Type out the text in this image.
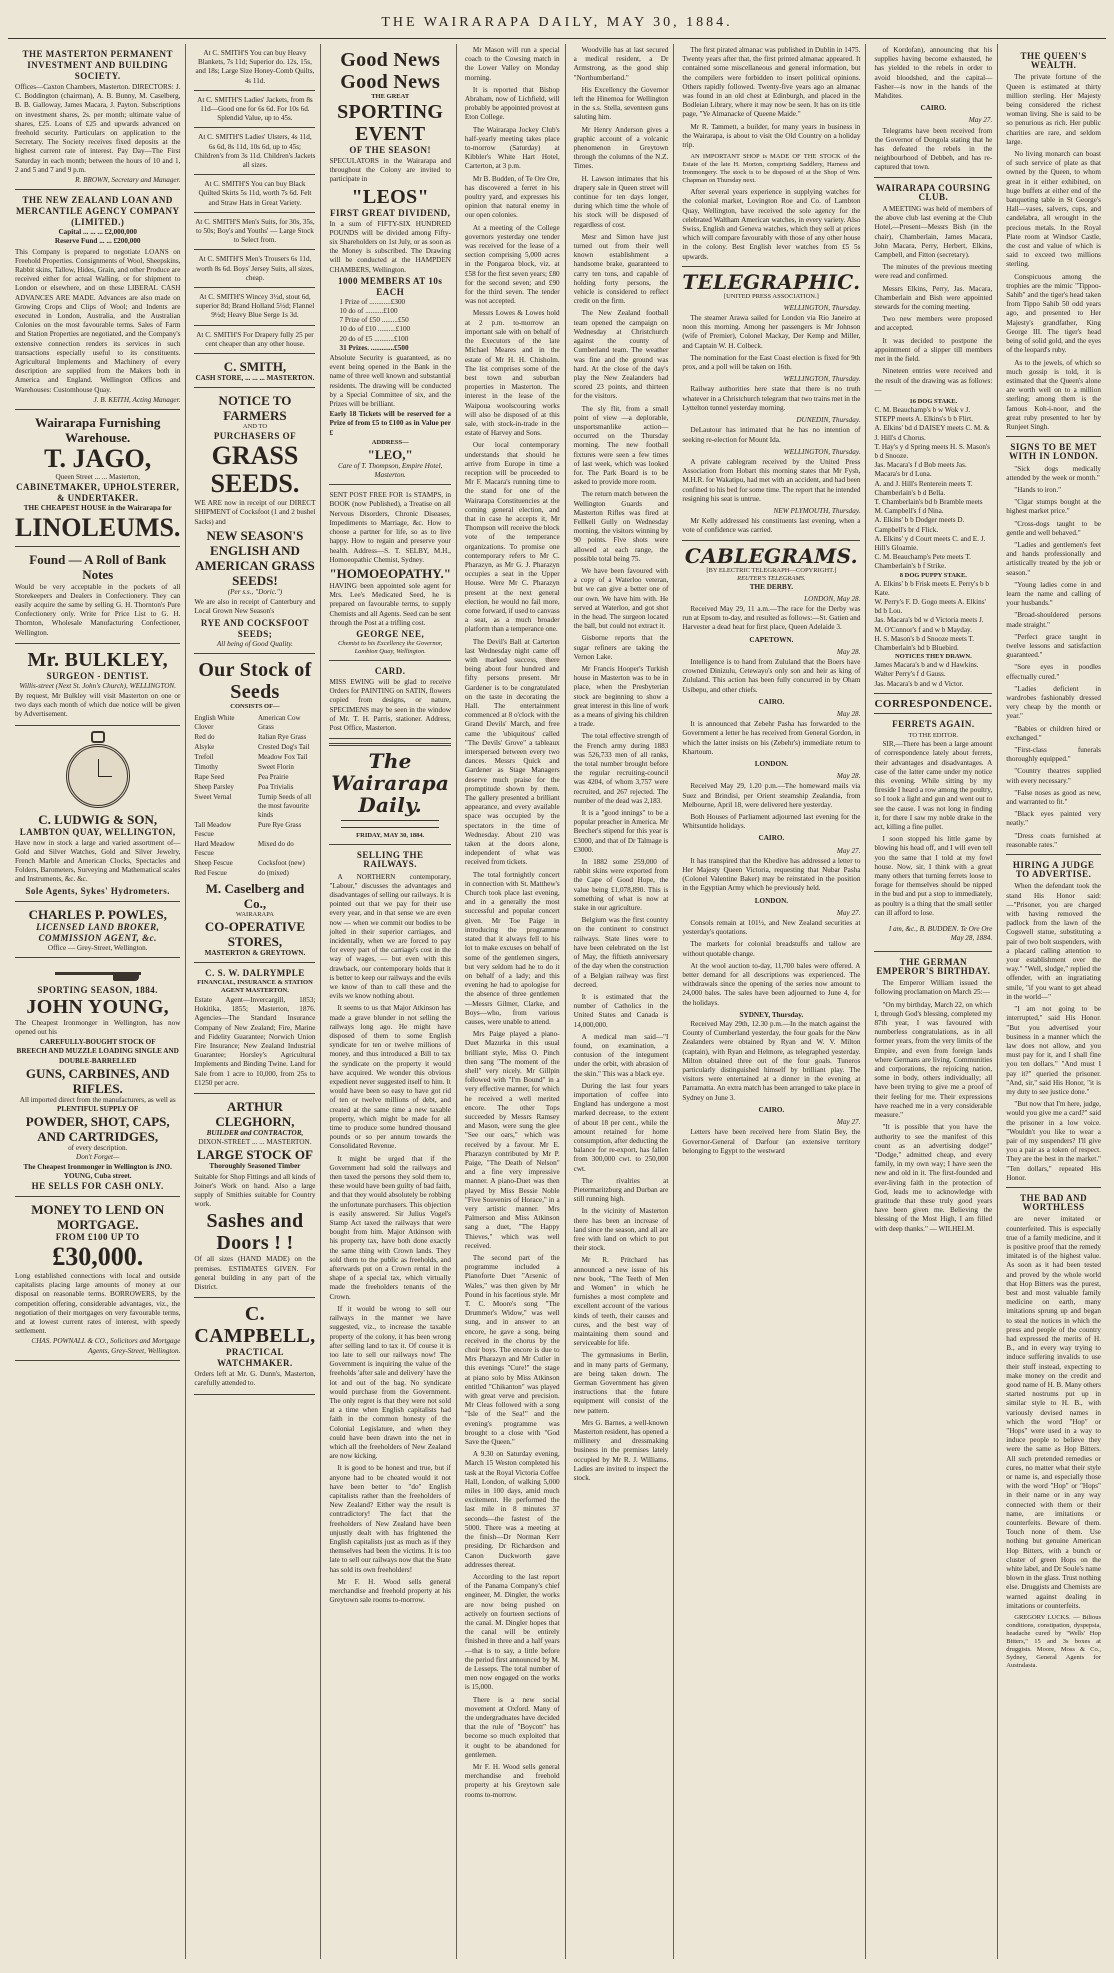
THE WAIRARAPA DAILY, MAY 30, 1884.
THE MASTERTON PERMANENT INVESTMENT AND BUILDING SOCIETY.

Offices—Caxton Chambers, Masterton. DIRECTORS: J. C. Boddington (chairman), A. B. Bunny, M. Caselberg, B. B. Galloway, James Macara, J. Payton. Subscriptions on investment shares, 2s. per month; ultimate value of shares, £25. Loans of £25 and upwards advanced on freehold security. Particulars on application to the Secretary. The Society receives fixed deposits at the highest current rate of interest. Pay Day—The First Saturday in each month; between the hours of 10 and 1, 2 and 5 and 7 and 9 p.m.

R. BROWN, Secretary and Manager.
THE NEW ZEALAND LOAN AND MERCANTILE AGENCY COMPANY (LIMITED.)
Capital ... ... ... £2,000,000
Reserve Fund ... ... £200,000

This Company is prepared to negotiate LOANS on Freehold Properties. Consignments of Wool, Sheepskins, Rabbit skins, Tallow, Hides, Grain, and other Produce are received either for actual Walling, or for shipment to London or elsewhere, and on these LIBERAL CASH ADVANCES ARE MADE. Advances are also made on Growing Crops and Clips of Wool; and Indents are executed in London, Australia, and the Australian Colonies on the most favourable terms. Sales of Farm and Station Properties are negotiated, and the Company's extensive connection renders its services in such transactions especially useful to its constituents. Agricultural Implements and Machinery of every description are supplied from the Makers both in America and England. Wellington Offices and Warehouses: Customhouse Quay.

J. B. KEITH, Acting Manager.
Wairarapa Furnishing Warehouse.
T. JAGO,
Queen Street ... ... Masterton,
CABINETMAKER, UPHOLSTERER, & UNDERTAKER.
THE CHEAPEST HOUSE in the Wairarapa for
LINOLEUMS.
Found — A Roll of Bank Notes

Would be very acceptable in the pockets of all Storekeepers and Dealers in Confectionery. They can easily acquire the same by selling G. H. Thornton's Pure Confectionery only. Write for Price List to G. H. Thornton, Wholesale Manufacturing Confectioner, Wellington.

Mr. BULKLEY,
SURGEON - DENTIST.
Willis-street (Next St. John's Church), WELLINGTON.

By request, Mr Bulkley will visit Masterton on one or two days each month of which due notice will be given by Advertisement.

C. LUDWIG & SON,
LAMBTON QUAY, WELLINGTON,

Have now in stock a large and varied assortment of— Gold and Silver Watches, Gold and Silver Jewelry, French Marble and American Clocks, Spectacles and Folders, Barometers, Surveying and Mathematical scales and Instruments, &c. &c.

Sole Agents, Sykes' Hydrometers.
CHARLES P. POWLES,
LICENSED LAND BROKER, COMMISSION AGENT, &c.
Office — Grey-Street, Wellington.
SPORTING SEASON, 1884.
JOHN YOUNG,

The Cheapest Ironmonger in Wellington, has now opened out his

CAREFULLY-BOUGHT STOCK OF
BREECH AND MUZZLE LOADING SINGLE AND DOUBLE-BARRELLED
GUNS, CARBINES, AND RIFLES.
All imported direct from the manufacturers, as well as
PLENTIFUL SUPPLY OF
POWDER, SHOT, CAPS, AND CARTRIDGES,
of every description.
Don't Forget—
The Cheapest Ironmonger in Wellington is JNO. YOUNG, Cuba street.
HE SELLS FOR CASH ONLY.
MONEY TO LEND ON MORTGAGE.
FROM £100 UP TO
£30,000.

Long established connections with local and outside capitalists placing large amounts of money at our disposal on reasonable terms. BORROWERS, by the competition offering, considerable advantages, viz., the negotiation of their mortgages on very favourable terms, and at lowest current rates of interest, with speedy settlement.

CHAS. POWNALL & CO., Solicitors and Mortgage Agents, Grey-Street, Wellington.
At C. SMITH'S You can buy Heavy Blankets, 7s 11d; Superior do. 12s, 15s, and 18s; Large Size Honey-Comb Quilts, 4s 11d.
At C. SMITH'S Ladies' Jackets, from 8s 11d—Good one for 6s 6d. For 10s 6d. Splendid Value, up to 45s.
At C. SMITH'S Ladies' Ulsters, 4s 11d, 6s 6d, 8s 11d, 10s 6d, up to 45s; Children's from 3s 11d. Children's Jackets all sizes.
At C. SMITH'S You can buy Black Quilted Skirts 5s 11d, worth 7s 6d. Felt and Straw Hats in Great Variety.
At C. SMITH'S Men's Suits, for 30s, 35s, to 50s; Boy's and Youths' — Large Stock to Select from.
At C. SMITH'S Men's Trousers 6s 11d, worth 8s 6d. Boys' Jersey Suits, all sizes, cheap.
At C. SMITH'S Wincey 3½d, stout 6d, superior 8d; Brand Holland 5½d; Flannel 9½d; Heavy Blue Serge 1s 3d.
At C. SMITH'S For Drapery fully 25 per cent cheaper than any other house.
C. SMITH,
CASH STORE, ... ... ... MASTERTON.
NOTICE TO FARMERS
AND TO
PURCHASERS OF
GRASS SEEDS.

WE ARE now in receipt of our DIRECT SHIPMENT of Cocksfoot (1 and 2 bushel Sacks) and

NEW SEASON'S ENGLISH AND AMERICAN GRASS SEEDS!
(Per s.s., "Doric.")

We are also in receipt of Canterbury and Local Grown New Season's

RYE AND COCKSFOOT SEEDS;
All being of Good Quality.
Our Stock of Seeds
CONSISTS OF—
English White Clover
American Cow Grass
Red do	Italian Rye Grass
Alsyke	Crested Dog's Tail
Trefoil	Meadow Fox Tail
Timothy	Sweet Florin
Rape Seed	Pea Prairie
Sheep Parsley	Poa Trivialis
Sweet Vernal	Turnip Seeds of all the most favourite kinds
Tall Meadow Fescue
Pure Rye Grass
Hard Meadow Fescue
Mixed do do
Sheep Fescue	Cocksfoot (new)
Red Fescue	do (mixed)
M. Caselberg and Co.,
WAIRARAPA
CO-OPERATIVE STORES,
MASTERTON & GREYTOWN.
C. S. W. DALRYMPLE
FINANCIAL, INSURANCE & STATION AGENT MASTERTON.

Estate Agent—Invercargill, 1853; Hokitika, 1855; Masterton, 1876. Agencies—The Standard Insurance Company of New Zealand; Fire, Marine and Fidelity Guarantee; Norwich Union Fire Insurance; New Zealand Industrial Guarantee; Horsley's Agricultural Implements and Binding Twine. Land for Sale from 1 acre to 10,000, from 25s to £1250 per acre.

ARTHUR CLEGHORN,
BUILDER and CONTRACTOR,
DIXON-STREET ... ... MASTERTON.
LARGE STOCK OF
Thoroughly Seasoned Timber

Suitable for Shop Fittings and all kinds of Joiner's Work on hand. Also a large supply of Smithies suitable for Country work.

Sashes and Doors ! !

Of all sizes (HAND MADE) on the premises. ESTIMATES GIVEN. For general building in any part of the District.

C. CAMPBELL,
PRACTICAL WATCHMAKER.

Orders left at Mr. G. Dunn's, Masterton, carefully attended to.

Good News Good News
THE GREAT
SPORTING EVENT
OF THE SEASON!

SPECULATORS in the Wairarapa and throughout the Colony are invited to participate in

"LEOS"
FIRST GREAT DIVIDEND,

In a sum of FIFTY-SIX HUNDRED POUNDS will be divided among Fifty-six Shareholders on 1st July, or as soon as the Money is subscribed. The Drawing will be conducted at the HAMPDEN CHAMBERS, Wellington.

1000 MEMBERS AT 10s EACH
1 Prize of ............£300
10 do of ..........£100
7 Prize of £50 .........£50
10 do of £10 ..........£100
20 do of £5 ...........£100
31 Prizes. .............£500

Absolute Security is guaranteed, as no event being opened in the Bank in the name of three well known and substantial residents. The drawing will be conducted by a Special Committee of six, and the Prizes will be brilliant.

Early 18 Tickets will be reserved for a Prize of from £5 to £100 as in Value per £

ADDRESS—
"LEO,"
Care of T. Thompson, Empire Hotel, Masterton.

SENT POST FREE FOR 1s STAMPS, in BOOK (now Published), a Treatise on all Nervous Disorders, Chronic Diseases, Impediments to Marriage, &c. How to choose a partner for life, so as to live happy. How to regain and preserve your health. Address—S. T. SELBY, M.H., Homoeopathic Chemist, Sydney.

"HOMOEOPATHY."

HAVING been appointed sole agent for Mrs. Lee's Medicated Seed, he is prepared on favourable terms, to supply Chemists and all Agents. Seed can be sent through the Post at a trifling cost.

GEORGE NEE,
Chemist to his Excellency the Governor, Lambton Quay, Wellington.
CARD.

MISS EWING will be glad to receive Orders for PAINTING on SATIN, flowers copied from designs, or nature, SPECIMENS may be seen in the window of Mr. T. H. Parris, stationer. Address, Post Office, Masterton.

The Wairarapa Daily.
FRIDAY, MAY 30, 1884.
SELLING THE RAILWAYS.

A NORTHERN contemporary, "Labour," discusses the advantages and disadvantages of selling our railways. It is pointed out that we pay for their use every year, and in that sense we are even now — when we commit our bodies to be jolted in their superior carriages, and incidentally, when we are forced to pay for every part of the carriage's cost in the way of wages, — but even with this drawback, our contemporary holds that it is better to keep our railways and the evils we know of than to call these and the evils we know nothing about.

It seems to us that Major Atkinson has made a grave blunder in not selling the railways long ago. He might have disposed of them to some English syndicate for ten or twelve millions of money, and thus introduced a Bill to tax the syndicate on the property it would have acquired. We wonder this obvious expedient never suggested itself to him. It would have been so easy to have got rid of ten or twelve millions of debt, and created at the same time a new taxable property, which might be made for all time to produce some hundred thousand pounds or so per annum towards the Consolidated Revenue.

It might be urged that if the Government had sold the railways and then taxed the persons they sold them to, these would have been guilty of bad faith, and that they would absolutely be robbing the unfortunate purchasers. This objection is easily answered. Sir Julius Vogel's Stamp Act taxed the railways that were bought from him. Major Atkinson with his property tax, have both done exactly the same thing with Crown lands. They sold them to the public as freeholds, and afterwards put on a Crown rental in the shape of a special tax, which virtually made the freeholders tenants of the Crown.

If it would be wrong to sell our railways in the manner we have suggested, viz., to increase the taxable property of the colony, it has been wrong after selling land to tax it. Of course it is too late to sell our railways now! The Government is inquiring the value of the freeholds 'after sale and delivery' have the lot and out of the bag. No syndicate would purchase from the Government. The only regret is that they were not sold at a time when English capitalists had faith in the common honesty of the Colonial Legislature, and when they could have been drawn into the net in which all the freeholders of New Zealand are now kicking.

It is good to be honest and true, but if anyone had to be cheated would it not have been better to "do" English capitalists rather than the freeholders of New Zealand? Either way the result is contradictory! The fact that the freeholders of New Zealand have been unjustly dealt with has frightened the English capitalists just as much as if they themselves had been the victims. It is too late to sell our railways now that the State has sold its own freeholders!

Mr F. H. Wood sells general merchandise and freehold property at his Greytown sale rooms to-morrow.

Mr Mason will run a special coach to the Cowsing match in the Lower Valley on Monday morning.

It is reported that Bishop Abraham, now of Lichfield, will probably be appointed provost at Eton College.

The Wairarapa Jockey Club's half-yearly meeting takes place to-morrow (Saturday) at Kibbler's White Hart Hotel, Carterton, at 3 p.m.

Mr B. Budden, of Te Ore Ore, has discovered a ferret in his poultry yard, and expresses his opinion that natural enemy in our open colonies.

At a meeting of the College governors yesterday one tender was received for the lease of a section comprising 5,000 acres in the Pongaroa block, viz. at £58 for the first seven years; £80 for the second seven; and £90 for the third seven. The tender was not accepted.

Messrs Lowes & Lowes hold at 2 p.m. to-morrow an important sale with on behalf of the Executors of the late Michael Meares and in the estate of Mr H. H. Chisholm. The list comprises some of the best town and suburban properties in Masterton. The interest in the lease of the Waipoua woolscouring works will also be disposed of at this sale, with stock-in-trade in the estate of Harvey and Sons.

Our local contemporary understands that should he arrive from Europe in time a reception will be proceeded to Mr F. Macara's running time to the stand for one of the Wairarapa Constituencies at the coming general election, and that in case he accepts it, Mr Thompson will receive the block vote of the temperance organizations. To promise one contemporary refers to Mr C. Pharazyn, as Mr G. J. Pharazyn occupies a seat in the Upper House. Were Mr C. Pharazyn present at the next general election, he would no fail more, come forward, if used to canvass a seat, as a much broader platform than a temperance one.

The Devil's Ball at Carterton last Wednesday night came off with marked success, there being about four hundred and fifty persons present. Mr Gardener is to be congratulated on the taste in decorating the Hall. The entertainment commenced at 8 o'clock with the Grand Devils' March, and free came the 'ubiquitous' called "The Devils' Grove" a tableaux interspersed between every two dances. Messrs Quick and Gardener as Stage Managers deserve much praise for the promptitude shown by them. The gallery presented a brilliant appearance, and every available space was occupied by the spectators in the time of Wednesday. About 210 was taken at the doors alone, independent of what was received from tickets.

The total fortnightly concert in connection with St. Matthew's Church took place last evening, and in a generally the most successful and popular concert given. Mr Toe Paige in introducing the programme stated that it always fell to his lot to make excuses on behalf of some of the gentlemen singers, but very seldom had he to do it on behalf of a lady; and this evening he had to apologise for the absence of three gentlemen—Messrs Gilmer, Clarke, and Boys—who, from various causes, were unable to attend.

Mrs Paige played a piano-Duet Mazurka in this usual brilliant style, Miss O. Pinch then sang "The moment of the shell" very nicely. Mr Gillpin followed with "I'm Bound" in a very effective manner, for which he received a well merited encore. The other Tops succeeded by Messrs Ramsey and Mason, were sung the glee "See our oars," which was received by a favour. Mr E. Pharazyn contributed by Mr P. Paige, "The Death of Nelson" and a fine very impressive manner. A piano-Duet was then played by Miss Bessie Noble "Five Souvenirs of Horace," in a very artistic manner. Mrs Palmerson and Miss Atkinson sang a duet, "The Happy Thieves," which was well received.

The second part of the programme included a Pianoforte Duet "Arsenic of Wales," was then given by Mr Pound in his facetious style. Mr T. C. Moore's song "The Drummer's Widow," was well sung, and in answer to an encore, he gave a song, being received in the chorus by the choir boys. The encore is due to Mrs Pharazyn and Mr Cutler in this evenings "Cure!" the stage at piano solo by Miss Atkinson entitled "Chikanton" was played with great verve and precision. Mr Cleas followed with a song "Isle of the Sea!" and the evening's programme was brought to a close with "God Save the Queen."

A 9.30 on Saturday evening, March 15 Weston completed his task at the Royal Victoria Coffee Hall, London, of walking 5,000 miles in 100 days, amid much excitement. He performed the last mile in 8 minutes 37 seconds—the fastest of the 5000. There was a meeting at the finish—Dr Norman Kerr presiding. Dr Richardson and Canon Duckworth gave addresses thereat.

According to the last report of the Panama Company's chief engineer, M. Dingler, the works are now being pushed on actively on fourteen sections of the canal. M. Dingler hopes that the canal will be entirely finished in three and a half years—that is to say, a little before the period first announced by M. de Lesseps. The total number of men now engaged on the works is 15,000.

There is a new social movement at Oxford. Many of the undergraduates have decided that the rule of "Boycott" has become so much exploited that it ought to be abandoned for gentlemen.

Mr F. H. Wood sells general merchandise and freehold property at his Greytown sale rooms to-morrow.

Woodville has at last secured a medical resident, a Dr Armstrong, as the good ship "Northumberland."

His Excellency the Governor left the Hinemoa for Wellington in the s.s. Stella, seventeen guns saluting him.

Mr Henry Anderson gives a graphic account of a volcanic phenomenon in Greytown through the columns of the N.Z. Times.

H. Lawson intimates that his drapery sale in Queen street will continue for ten days longer, during which time the whole of his stock will be disposed of regardless of cost.

Mesr and Simon have just turned out from their well known establishment a handsome brake, guaranteed to carry ten tons, and capable of holding forty persons, the vehicle is considered to reflect credit on the firm.

The New Zealand football team opened the campaign on Wednesday at Christchurch against the county of Cumberland team. The weather was fine and the ground was hard. At the close of the day's play the New Zealanders had scored 23 points, and thirteen for the visitors.

The sly flit, from a small point of view —a deplorable, unsportsmanlike action—occurred on the Thursday morning. The new football fixtures were seen a few times of last week, which was looked for. The Park Board is to be asked to provide more room.

The return match between the Wellington Guards and Masterton Rifles was fired at Fellkell Gully on Wednesday morning, the visitors winning by 90 points. Five shots were allowed at each range, the possible total being 75.

We have been favoured with a copy of a Waterloo veteran, but we can give a better one of our own. We have him with. He served at Waterloo, and got shot in the head. The surgeon located the ball, but could not extract it.

Gisborne reports that the sugar refiners are taking the Vernon Lake.

Mr Francis Hooper's Turkish house in Masterton was to be in place, when the Presbyterian stock are beginning to show a great interest in this line of work as a means of giving his children a trade.

The total effective strength of the French army during 1883 was 526,733 men of all ranks, the total number brought before the regular recruiting-council was 4204, of whom 3,757 were recruited, and 267 rejected. The number of the dead was 2,183.

It is a "good innings" to be a popular preacher in America. Mr Beecher's stipend for this year is £3000, and that of Dr Talmage is £3000.

In 1882 some 259,000 of rabbit skins were exported from the Cape of Good Hope, the value being £1,078,890. This is something of what is now at stake in our agriculture.

Belgium was the first country on the continent to construct railways. State lines were to have been celebrated on the 1st of May, the fiftieth anniversary of the day when the construction of a Belgian railway was first decreed.

It is estimated that the number of Catholics in the United States and Canada is 14,000,000.

A medical man said—"I found, on examination, a contusion of the integument under the orbit, with abrasion of the skin." This was a black eye.

During the last four years importation of coffee into England has undergone a most marked decrease, to the extent of about 18 per cent., while the amount retained for home consumption, after deducting the balance for re-export, has fallen from 300,000 cwt. to 250,000 cwt.

The rivalries at Pietermaritzburg and Durban are still running high.

In the vicinity of Masterton there has been an increase of land since the season, and all are free with land on which to put their stock.

Mr R. Pritchard has announced a new issue of his new book, "The Teeth of Men and Women" in which he furnishes a most complete and excellent account of the various kinds of teeth, their causes and cures, and the best way of maintaining them sound and serviceable for life.

The gymnasiums in Berlin, and in many parts of Germany, are being taken down. The German Government has given instructions that the future equipment will consist of the new pattern.

Mrs G. Barnes, a well-known Masterton resident, has opened a millinery and dressmaking business in the premises lately occupied by Mr R. J. Williams. Ladies are invited to inspect the stock.

The first pirated almanac was published in Dublin in 1475. Twenty years after that, the first printed almanac appeared. It contained some miscellaneous and general information, but the compilers were forbidden to insert political opinions. Others rapidly followed. Twenty-five years ago an almanac was found in an old chest at Edinburgh, and placed in the Bodleian Library, where it may now be seen. It has on its title page, "Ye Almanacke of Queene Maide."

Mr R. Tammett, a builder, for many years in business in the Wairarapa, is about to visit the Old Country on a holiday trip.

AN IMPORTANT SHOP is MADE OF THE STOCK of the Estate of the late H. Morton, comprising Saddlery, Harness and Ironmongery. The stock is to be disposed of at the Shop of Wm. Chapman on Thursday next.

After several years experience in supplying watches for the colonial market, Lovington Roe and Co. of Lambton Quay, Wellington, have received the sole agency for the celebrated Waltham American watches, in every variety. Also Swiss, English and Geneva watches, which they sell at prices which will compare favourably with those of any other house in the colony. Best English lever watches from £5 5s upwards.

TELEGRAPHIC.
[UNITED PRESS ASSOCIATION.]
WELLINGTON, Thursday.

The steamer Arawa sailed for London via Rio Janeiro at noon this morning. Among her passengers is Mr Johnson (wife of Premier), Colonel Mackay, Der Kemp and Miller, and Captain W. H. Colbeck.

The nomination for the East Coast election is fixed for 9th prox, and a poll will be taken on 16th.

WELLINGTON, Thursday.

Railway authorities here state that there is no truth whatever in a Christchurch telegram that two trains met in the Lyttelton tunnel yesterday morning.

DUNEDIN, Thursday.

DeLautour has intimated that he has no intention of seeking re-election for Mount Ida.

WELLINGTON, Thursday.

A private cablegram received by the United Press Association from Hobart this morning states that Mr Fysh, M.H.R. for Wakatipu, had met with an accident, and had been confined to his bed for some time. The report that he intended resigning his seat is untrue.

NEW PLYMOUTH, Thursday.

Mr Kelly addressed his constituents last evening, when a vote of confidence was carried.

CABLEGRAMS.
[BY ELECTRIC TELEGRAPH—COPYRIGHT.]
REUTER'S TELEGRAMS.
THE DERBY.
LONDON, May 28.

Received May 29, 11 a.m.—The race for the Derby was run at Epsom to-day, and resulted as follows:—St. Gatien and Harvester a dead heat for first place, Queen Adelaide 3.

CAPETOWN.
May 28.

Intelligence is to hand from Zululand that the Boers have crowned Dinizulu, Cetewayo's only son and heir as king of Zululand. This action has been fully concurred in by Oham Usibepu, and other chiefs.

CAIRO.
May 28.

It is announced that Zebehr Pasha has forwarded to the Government a letter he has received from General Gordon, in which the latter insists on his (Zebehr's) immediate return to Khartoum.

LONDON.
May 28.

Received May 29, 1.20 p.m.—The homeward mails via Suez and Brindisi, per Orient steamship Zealandia, from Melbourne, April 18, were delivered here yesterday.

Both Houses of Parliament adjourned last evening for the Whitsuntide holidays.

CAIRO.
May 27.

It has transpired that the Khedive has addressed a letter to Her Majesty Queen Victoria, requesting that Nubar Pasha (Colonel Valentine Baker) may be reinstated in the position in the Egyptian Army which he previously held.

LONDON.
May 27.

Consols remain at 101½, and New Zealand securities at yesterday's quotations.

The markets for colonial breadstuffs and tallow are without quotable change.

At the wool auction to-day, 11,700 bales were offered. A better demand for all descriptions was experienced. The withdrawals since the opening of the series now amount to 24,000 bales. The sales have been adjourned to June 4, for the holidays.

SYDNEY, Thursday.

Received May 29th, 12.30 p.m.—In the match against the County of Cumberland yesterday, the four goals for the New Zealanders were obtained by Ryan and W. V. Milton (captain), with Ryan and Helmore, as telegraphed yesterday. Milton obtained three out of the four goals. Tuneros particularly distinguished himself by brilliant play. The visitors were entertained at a dinner in the evening at Parramatta. An extra match has been arranged to take place in Sydney on June 3.

CAIRO.
May 27.

Letters have been received here from Slatin Bey, the Governor-General of Darfour (an extensive territory belonging to Egypt to the westward

of Kordofan), announcing that his supplies having become exhausted, he has yielded to the rebels in order to avoid bloodshed, and the capital—Fasher—is now in the hands of the Mahdites.

CAIRO.
May 27.

Telegrams have been received from the Governor of Dongola stating that he has defeated the rebels in the neighbourhood of Debbeh, and has re-captured that town.

WAIRARAPA COURSING CLUB.

A MEETING was held of members of the above club last evening at the Club Hotel,—Present—Messrs Bish (in the chair), Chamberlain, James Macara, John Macara, Perry, Herbert, Elkins, Campbell, and Fitton (secretary).

The minutes of the previous meeting were read and confirmed.

Messrs Elkins, Perry, Jas. Macara, Chamberlain and Bish were appointed stewards for the coming meeting.

Two new members were proposed and accepted.

It was decided to postpone the appointment of a slipper till members met in the field.

Nineteen entries were received and the result of the drawing was as follows:—

16 DOG STAKE.
C. M. Beauchamp's b w Wok v J. STEPP meets A. Elkins's b b Flirt.
A. Elkins' bd d DAISEY meets C. M. & J. Hill's d Chorus.
T. Hay's y d Spring meets H. S. Mason's b d Snooze.
Jas. Macara's f d Bob meets Jas. Macara's br d Luna.
A. and J. Hill's Renterein meets T. Chamberlain's b d Bella.
T. Chamberlain's bd b Bramble meets M. Campbell's f d Nina.
A. Elkins' b b Dodger meets D. Campbell's br d Flick.
A. Elkins' y d Court meets C. and E. J. Hill's Gloamie.
C. M. Beauchamp's Pete meets T. Chamberlain's b f Strike.
8 DOG PUPPY STAKE.
A. Elkins' b b Frisk meets E. Perry's b b Kate.
W. Perry's F. D. Gogo meets A. Elkins' bd b Lou.
Jas. Macara's bd w d Victoria meets J. M. O'Connor's f and w b Mayday.
H. S. Mason's b d Snooze meets T. Chamberlain's bd b Bluebird.
NOTICES THEY DRAWN.
James Macara's b and w d Hawkins. Walter Perry's f d Gauss.
Jas. Macara's b and w d Victor.
CORRESPONDENCE.
FERRETS AGAIN.
TO THE EDITOR.

SIR,—There has been a large amount of correspondence lately about ferrets, their advantages and disadvantages. A case of the latter came under my notice this evening. While sitting by my fireside I heard a row among the poultry, so I took a light and gun and went out to see the cause. I was not long in finding it, for there I saw my noble drake in the act, killing a fine pullet.

I soon stopped his little game by blowing his head off, and I will even tell you the same that I told at my fowl house. Now, sir, I think with a great many others that turning ferrets loose to forage for themselves should be nipped in the bud and put a stop to immediately, as poultry is a thing that the small settler can ill afford to lose.

I am, &c., B. BUDDEN. Te Ore Ore May 28, 1884.

THE GERMAN EMPEROR'S BIRTHDAY.

The Emperor William issued the following proclamation on March 25:—

"On my birthday, March 22, on which I, through God's blessing, completed my 87th year, I was favoured with numberless congratulations, as in all former years, from the very limits of the Empire, and even from foreign lands where Germans are living. Communities and corporations, the rejoicing nation, some in body, others individually; all have been trying to give me a proof of their feeling for me. Their expressions have reached me in a very considerable measure."

"It is possible that you have the authority to see the manifest of this count as an advertising dodge!" "Dodge," admitted cheap, and every family, in my own way; I have seen the new and old in it. The first-founded and ever-living faith in the protection of God, leads me to acknowledge with gratitude that these truly good years have been given me. Believing the blessing of the Most High, I am filled with deep thanks." — WILHELM.

THE QUEEN'S WEALTH.

The private fortune of the Queen is estimated at thirty million sterling. Her Majesty being considered the richest woman living. She is said to be so penurious as rich. Her public charities are rare, and seldom large.

No living monarch can boast of such service of plate as that owned by the Queen, to whom great in it either exhibited, on huge buffets at either end of the banqueting table in St George's Hall—vases, salvers, cups, and candelabra, all wrought in the precious metals. In the Royal Plate room at Windsor Castle, the cost and value of which is said to exceed two millions sterling.

Conspicuous among the trophies are the mimic "Tippoo-Sahib" and the tiger's head taken from Tippo Sahib 50 odd years ago, and presented to Her Majesty's grandfather, King George III. The tiger's head being of solid gold, and the eyes of the leopard's ruby.

As to the jewels, of which so much gossip is told, it is estimated that the Queen's alone are worth well on to a million sterling; among them is the famous Koh-i-noor, and the great ruby presented to her by Runjeet Singh.

SIGNS TO BE MET WITH IN LONDON.

"Sick dogs medically attended by the week or month."

"Hands to iron."

"Cigar stumps bought at the highest market price."

"Cross-dogs taught to be gentle and well behaved."

"Ladies and gentlemen's feet and hands professionally and artistically treated by the job or season."

"Young ladies come in and learn the name and calling of your husbands."

"Broad-shouldered persons made straight."

"Perfect grace taught in twelve lessons and satisfaction guaranteed."

"Sore eyes in poodles effectually cured."

"Ladies deficient in wardrobes fashionably dressed very cheap by the month or year."

"Babies or children hired or exchanged."

"First-class funerals thoroughly equipped."

"Country theatres supplied with every necessary."

"False noses as good as new, and warranted to fit."

"Black eyes painted very neatly."

"Dress coats furnished at reasonable rates."

HIRING A JUDGE TO ADVERTISE.

When the defendant took the stand His Honor said:—"Prisoner, you are charged with having removed the padlock from the lawn of the Cogswell statue, substituting a pair of two bolt suspenders, with a placard calling attention to your establishment over the way." "Well, sludge," replied the offender, with an ingratiating smile, "if you want to get ahead in the world—"

"I am not going to be interrupted," said His Honor. "But you advertised your business in a manner which the law does not allow, and you must pay for it, and I shall fine you ten dollars." "And must I pay it?" queried the prisoner. "And, sir," said His Honor, "it is my duty to see justice done."

"But now that I'm here, judge, would you give me a card?" said the prisoner in a low voice. "Wouldn't you like to wear a pair of my suspenders? I'll give you a pair as a token of respect. They are the best in the market." "Ten dollars," repeated His Honor.

THE BAD AND WORTHLESS

are never imitated or counterfeited. This is especially true of a family medicine, and it is positive proof that the remedy imitated is of the highest value. As soon as it had been tested and proved by the whole world that Hop Bitters was the purest, best and most valuable family medicine on earth, many imitations sprung up and began to steal the notices in which the press and people of the country had expressed the merits of H. B., and in every way trying to induce suffering invalids to use their stuff instead, expecting to make money on the credit and good name of H. B. Many others started nostrums put up in similar style to H. B., with variously devised names in which the word "Hop" or "Hops" were used in a way to induce people to believe they were the same as Hop Bitters. All such pretended remedies or cures, no matter what their style or name is, and especially those with the word "Hop" or "Hops" in their name or in any way connected with them or their name, are imitations or counterfeits. Beware of them. Touch none of them. Use nothing but genuine American Hop Bitters, with a bunch or cluster of green Hops on the white label, and Dr Soule's name blown in the glass. Trust nothing else. Druggists and Chemists are warned against dealing in imitations or counterfeits.

GREGORY LUCKS. — Bilious conditions, constipation, dyspepsia, headache cured by "Wells' Hop Bitters," 15 and 3s boxes at druggists. Moore, Moss & Co., Sydney, General Agents for Australasia.
